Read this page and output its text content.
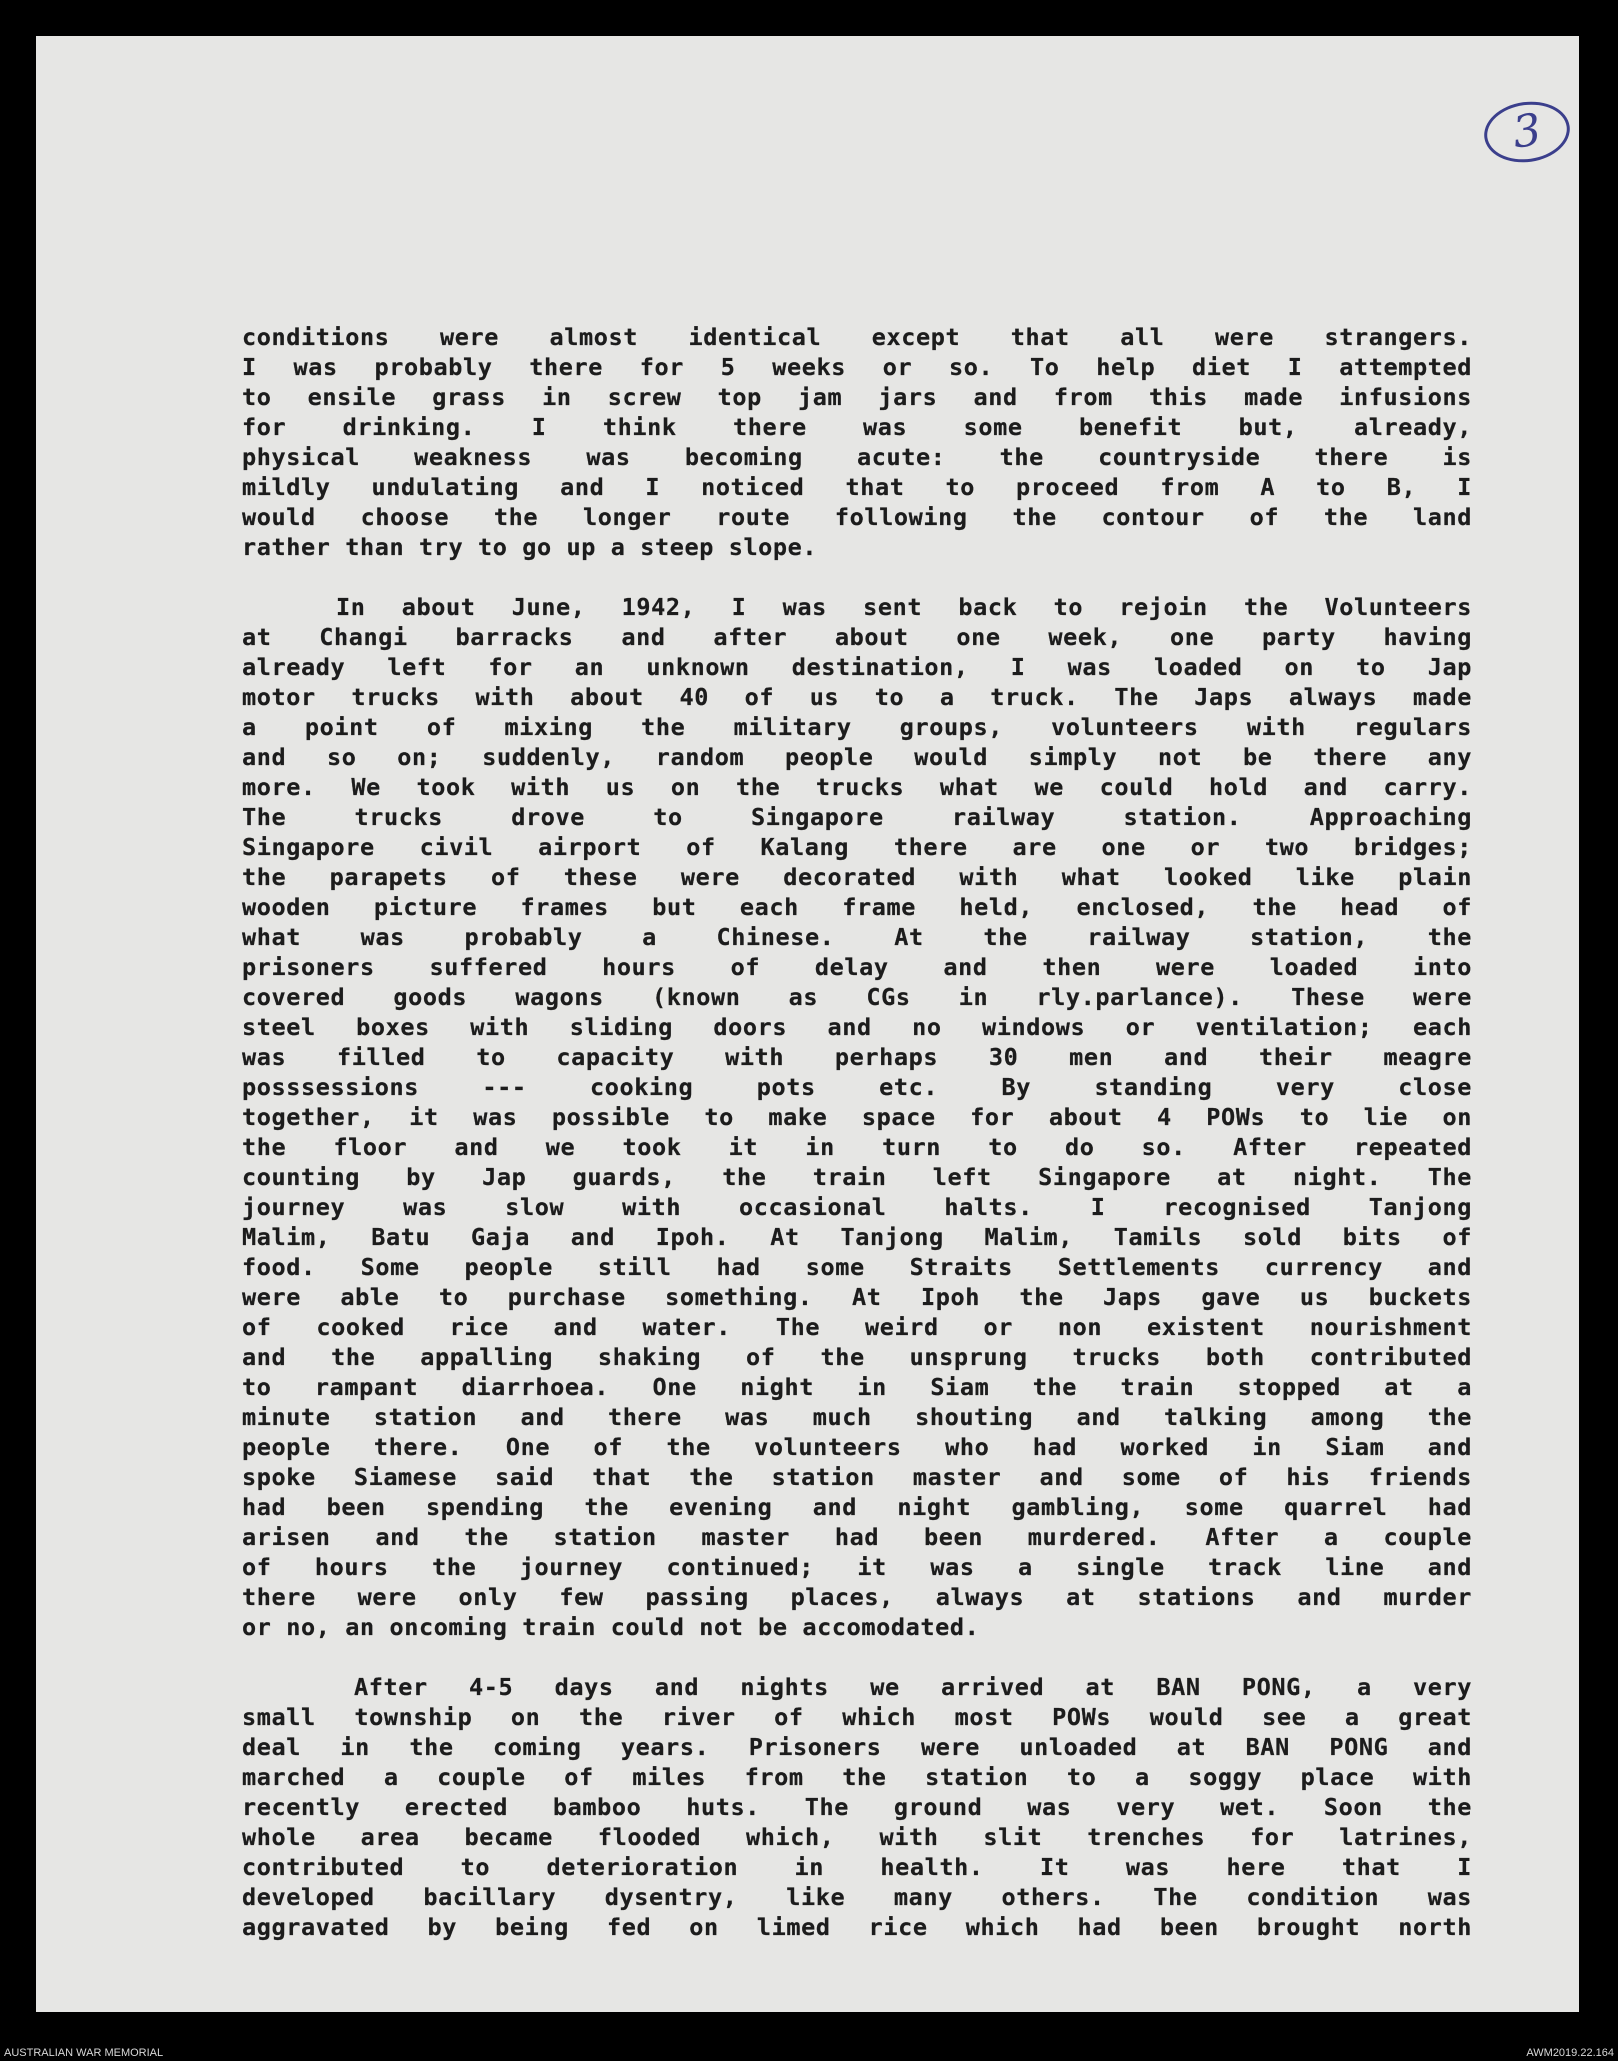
3
conditions were almost identical except that all were strangers.
I was probably there for 5 weeks or so. To help diet I attempted
to ensile grass in screw top jam jars and from this made infusions
for drinking. I think there was some benefit but, already,
physical weakness was becoming acute: the countryside there is
mildly undulating and I noticed that to proceed from A to B, I
would choose the longer route following the contour of the land
rather than try to go up a steep slope.
In about June, 1942, I was sent back to rejoin the Volunteers
at Changi barracks and after about one week, one party having
already left for an unknown destination, I was loaded on to Jap
motor trucks with about 40 of us to a truck. The Japs always made
a point of mixing the military groups, volunteers with regulars
and so on; suddenly, random people would simply not be there any
more. We took with us on the trucks what we could hold and carry.
The trucks drove to Singapore railway station. Approaching
Singapore civil airport of Kalang there are one or two bridges;
the parapets of these were decorated with what looked like plain
wooden picture frames but each frame held, enclosed, the head of
what was probably a Chinese. At the railway station, the
prisoners suffered hours of delay and then were loaded into
covered goods wagons (known as CGs in rly.parlance). These were
steel boxes with sliding doors and no windows or ventilation; each
was filled to capacity with perhaps 30 men and their meagre
posssessions --- cooking pots etc. By standing very close
together, it was possible to make space for about 4 POWs to lie on
the floor and we took it in turn to do so. After repeated
counting by Jap guards, the train left Singapore at night. The
journey was slow with occasional halts. I recognised Tanjong
Malim, Batu Gaja and Ipoh. At Tanjong Malim, Tamils sold bits of
food. Some people still had some Straits Settlements currency and
were able to purchase something. At Ipoh the Japs gave us buckets
of cooked rice and water. The weird or non existent nourishment
and the appalling shaking of the unsprung trucks both contributed
to rampant diarrhoea. One night in Siam the train stopped at a
minute station and there was much shouting and talking among the
people there. One of the volunteers who had worked in Siam and
spoke Siamese said that the station master and some of his friends
had been spending the evening and night gambling, some quarrel had
arisen and the station master had been murdered. After a couple
of hours the journey continued; it was a single track line and
there were only few passing places, always at stations and murder
or no, an oncoming train could not be accomodated.
After 4-5 days and nights we arrived at BAN PONG, a very
small township on the river of which most POWs would see a great
deal in the coming years. Prisoners were unloaded at BAN PONG and
marched a couple of miles from the station to a soggy place with
recently erected bamboo huts. The ground was very wet. Soon the
whole area became flooded which, with slit trenches for latrines,
contributed to deterioration in health. It was here that I
developed bacillary dysentry, like many others. The condition was
aggravated by being fed on limed rice which had been brought north
AUSTRALIAN WAR MEMORIAL	AWM2019.22.164
